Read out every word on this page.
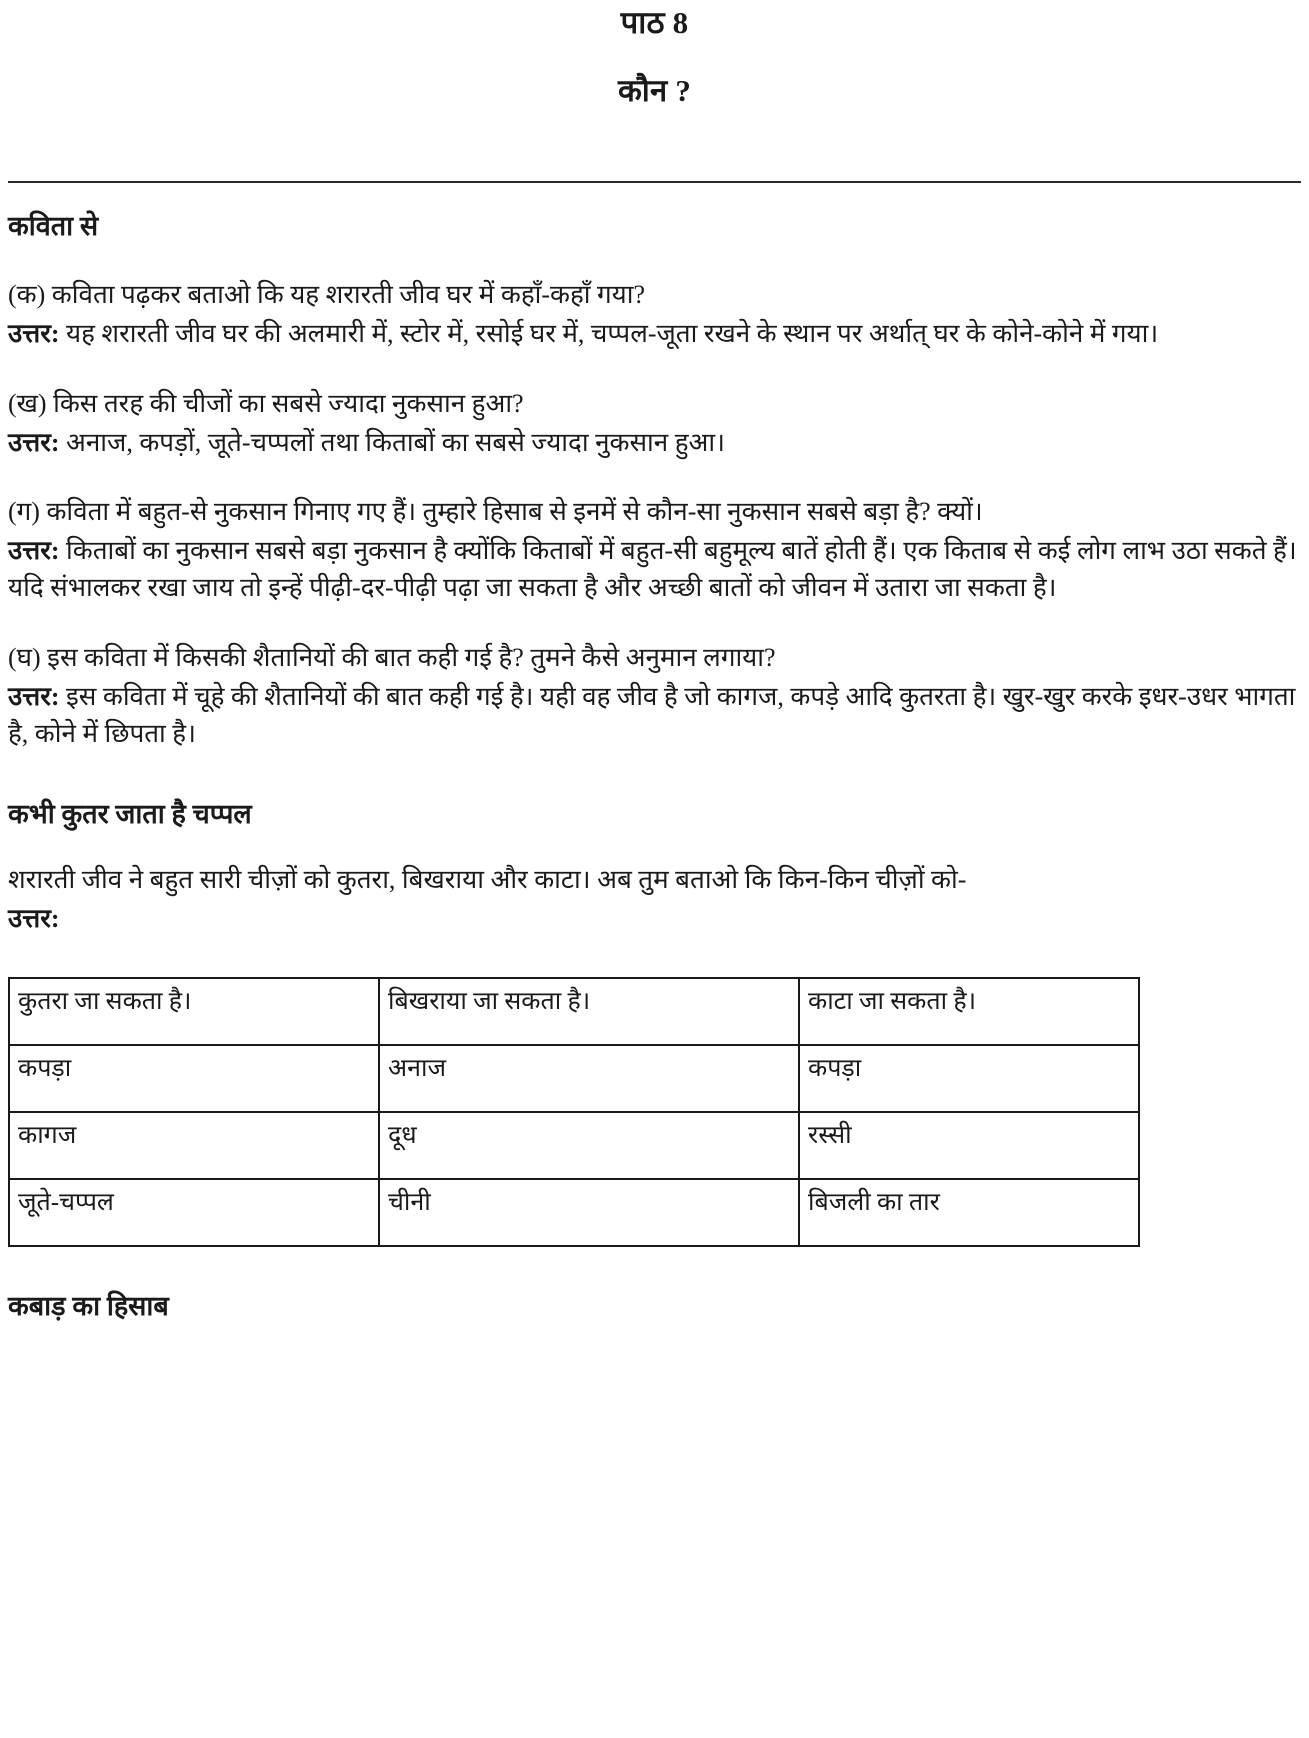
पाठ 8
कौन ?
कविता से

(क) कविता पढ़कर बताओ कि यह शरारती जीव घर में कहाँ-कहाँ गया?

उत्तर: यह शरारती जीव घर की अलमारी में, स्टोर में, रसोई घर में, चप्पल-जूता रखने के स्थान पर अर्थात् घर के कोने-कोने में गया।

(ख) किस तरह की चीजों का सबसे ज्यादा नुकसान हुआ?

उत्तर: अनाज, कपड़ों, जूते-चप्पलों तथा किताबों का सबसे ज्यादा नुकसान हुआ।

(ग) कविता में बहुत-से नुकसान गिनाए गए हैं। तुम्हारे हिसाब से इनमें से कौन-सा नुकसान सबसे बड़ा है? क्यों।

उत्तर: किताबों का नुकसान सबसे बड़ा नुकसान है क्योंकि किताबों में बहुत-सी बहुमूल्य बातें होती हैं। एक किताब से कई लोग लाभ उठा सकते हैं। यदि संभालकर रखा जाय तो इन्हें पीढ़ी-दर-पीढ़ी पढ़ा जा सकता है और अच्छी बातों को जीवन में उतारा जा सकता है।

(घ) इस कविता में किसकी शैतानियों की बात कही गई है? तुमने कैसे अनुमान लगाया?

उत्तर: इस कविता में चूहे की शैतानियों की बात कही गई है। यही वह जीव है जो कागज, कपड़े आदि कुतरता है। खुर-खुर करके इधर-उधर भागता है, कोने में छिपता है।

कभी कुतर जाता है चप्पल

शरारती जीव ने बहुत सारी चीज़ों को कुतरा, बिखराया और काटा। अब तुम बताओ कि किन-किन चीज़ों को-

उत्तर:

कुतरा जा सकता है।	बिखराया जा सकता है।	काटा जा सकता है।
कपड़ा	अनाज	कपड़ा
कागज	दूध	रस्सी
जूते-चप्पल	चीनी	बिजली का तार
कबाड़ का हिसाब
